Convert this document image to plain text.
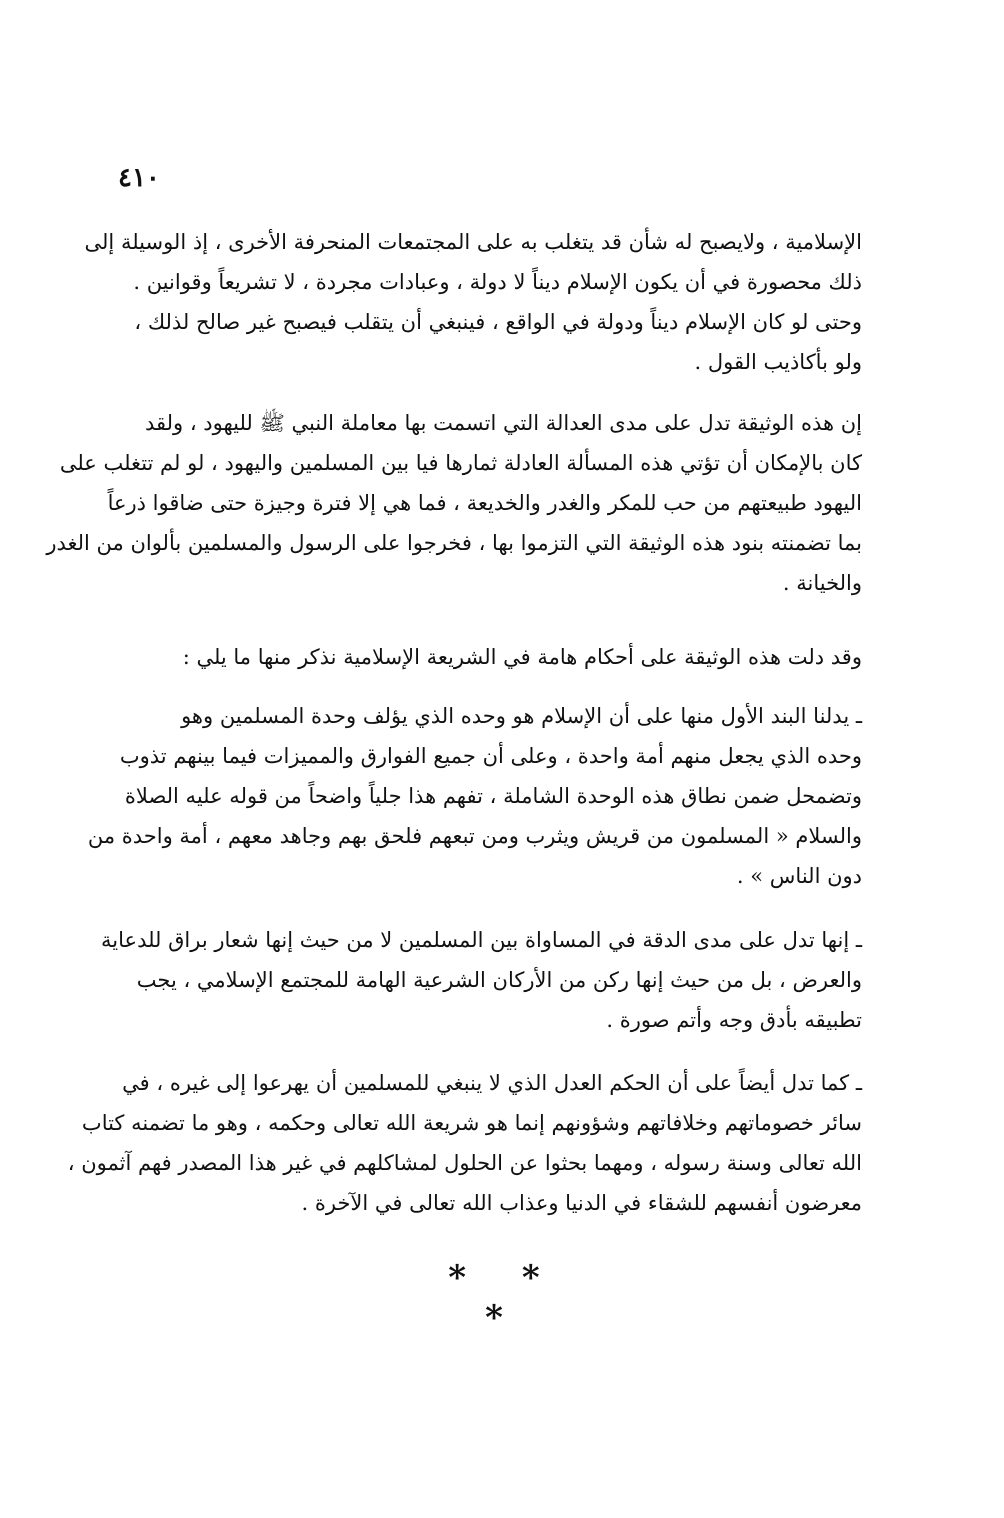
٤١٠
الإسلامية ، ولايصبح له شأن قد يتغلب به على المجتمعات المنحرفة الأخرى ، إذ الوسيلة إلى
ذلك محصورة في أن يكون الإسلام ديناً لا دولة ، وعبادات مجردة ، لا تشريعاً وقوانين .
وحتى لو كان الإسلام ديناً ودولة في الواقع ، فينبغي أن يتقلب فيصبح غير صالح لذلك ،
ولو بأكاذيب القول .
إن هذه الوثيقة تدل على مدى العدالة التي اتسمت بها معاملة النبي ﷺ لليهود ، ولقد
كان بالإمكان أن تؤتي هذه المسألة العادلة ثمارها فيا بين المسلمين واليهود ، لو لم تتغلب على
اليهود طبيعتهم من حب للمكر والغدر والخديعة ، فما هي إلا فترة وجيزة حتى ضاقوا ذرعاً
بما تضمنته بنود هذه الوثيقة التي التزموا بها ، فخرجوا على الرسول والمسلمين بألوان من الغدر
والخيانة .
وقد دلت هذه الوثيقة على أحكام هامة في الشريعة الإسلامية نذكر منها ما يلي :
ـ يدلنا البند الأول منها على أن الإسلام هو وحده الذي يؤلف وحدة المسلمين وهو
وحده الذي يجعل منهم أمة واحدة ، وعلى أن جميع الفوارق والمميزات فيما بينهم تذوب
وتضمحل ضمن نطاق هذه الوحدة الشاملة ، تفهم هذا جلياً واضحاً من قوله عليه الصلاة
والسلام « المسلمون من قريش ويثرب ومن تبعهم فلحق بهم وجاهد معهم ، أمة واحدة من
دون الناس » .
ـ إنها تدل على مدى الدقة في المساواة بين المسلمين لا من حيث إنها شعار براق للدعاية
والعرض ، بل من حيث إنها ركن من الأركان الشرعية الهامة للمجتمع الإسلامي ، يجب
تطبيقه بأدق وجه وأتم صورة .
ـ كما تدل أيضاً على أن الحكم العدل الذي لا ينبغي للمسلمين أن يهرعوا إلى غيره ، في
سائر خصوماتهم وخلافاتهم وشؤونهم إنما هو شريعة الله تعالى وحكمه ، وهو ما تضمنه كتاب
الله تعالى وسنة رسوله ، ومهما بحثوا عن الحلول لمشاكلهم في غير هذا المصدر فهم آثمون ،
معرضون أنفسهم للشقاء في الدنيا وعذاب الله تعالى في الآخرة .
* * *
